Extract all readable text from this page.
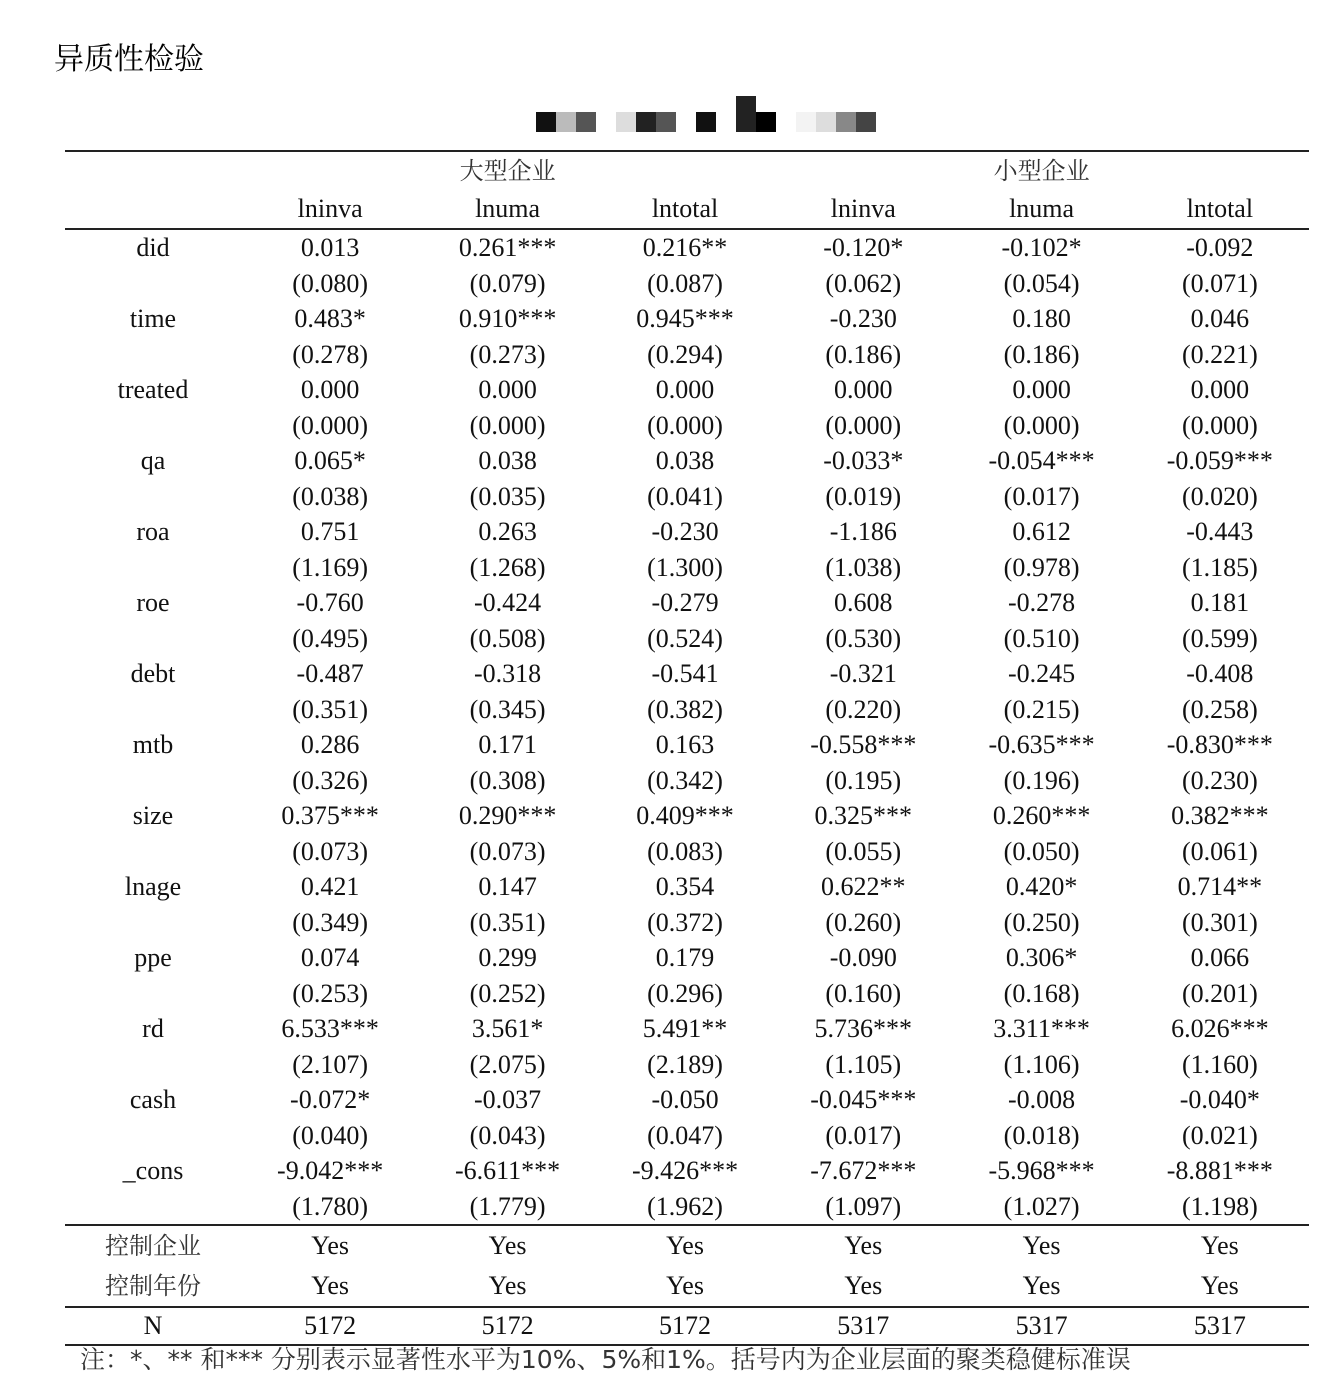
异质性检验
	大型企业			小型企业		
	lninva	lnuma	lntotal	lninva	lnuma	lntotal
did	0.013	0.261***	0.216**	-0.120*	-0.102*	-0.092
	(0.080)	(0.079)	(0.087)	(0.062)	(0.054)	(0.071)
time	0.483*	0.910***	0.945***	-0.230	0.180	0.046
	(0.278)	(0.273)	(0.294)	(0.186)	(0.186)	(0.221)
treated	0.000	0.000	0.000	0.000	0.000	0.000
	(0.000)	(0.000)	(0.000)	(0.000)	(0.000)	(0.000)
qa	0.065*	0.038	0.038	-0.033*	-0.054***	-0.059***
	(0.038)	(0.035)	(0.041)	(0.019)	(0.017)	(0.020)
roa	0.751	0.263	-0.230	-1.186	0.612	-0.443
	(1.169)	(1.268)	(1.300)	(1.038)	(0.978)	(1.185)
roe	-0.760	-0.424	-0.279	0.608	-0.278	0.181
	(0.495)	(0.508)	(0.524)	(0.530)	(0.510)	(0.599)
debt	-0.487	-0.318	-0.541	-0.321	-0.245	-0.408
	(0.351)	(0.345)	(0.382)	(0.220)	(0.215)	(0.258)
mtb	0.286	0.171	0.163	-0.558***	-0.635***	-0.830***
	(0.326)	(0.308)	(0.342)	(0.195)	(0.196)	(0.230)
size	0.375***	0.290***	0.409***	0.325***	0.260***	0.382***
	(0.073)	(0.073)	(0.083)	(0.055)	(0.050)	(0.061)
lnage	0.421	0.147	0.354	0.622**	0.420*	0.714**
	(0.349)	(0.351)	(0.372)	(0.260)	(0.250)	(0.301)
ppe	0.074	0.299	0.179	-0.090	0.306*	0.066
	(0.253)	(0.252)	(0.296)	(0.160)	(0.168)	(0.201)
rd	6.533***	3.561*	5.491**	5.736***	3.311***	6.026***
	(2.107)	(2.075)	(2.189)	(1.105)	(1.106)	(1.160)
cash	-0.072*	-0.037	-0.050	-0.045***	-0.008	-0.040*
	(0.040)	(0.043)	(0.047)	(0.017)	(0.018)	(0.021)
_cons	-9.042***	-6.611***	-9.426***	-7.672***	-5.968***	-8.881***
	(1.780)	(1.779)	(1.962)	(1.097)	(1.027)	(1.198)
控制企业	Yes	Yes	Yes	Yes	Yes	Yes
控制年份	Yes	Yes	Yes	Yes	Yes	Yes
N	5172	5172	5172	5317	5317	5317
注：*、** 和*** 分别表示显著性水平为10%、5%和1%。括号内为企业层面的聚类稳健标准误
